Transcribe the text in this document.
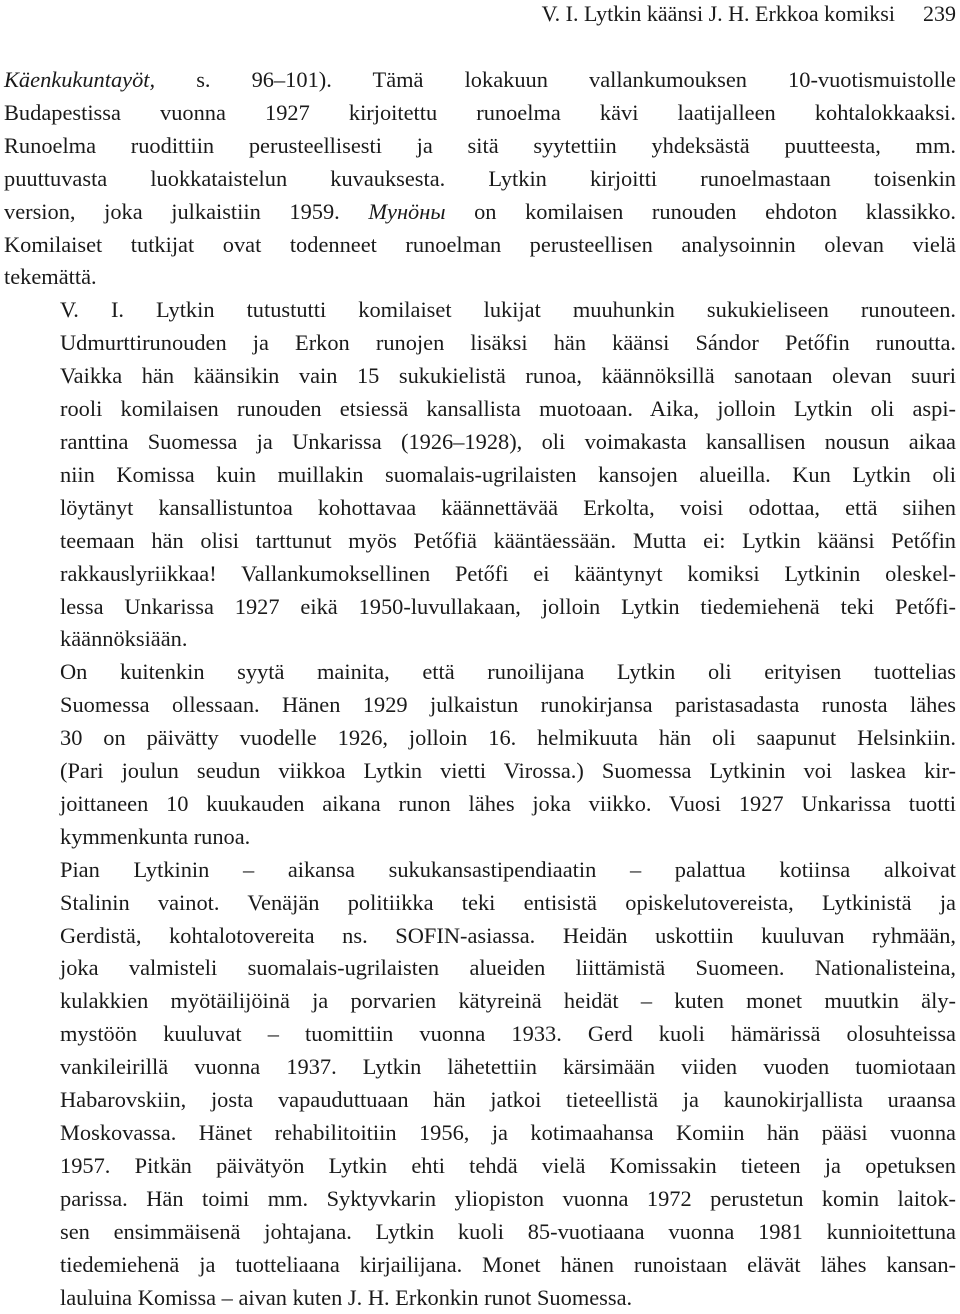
V. I. Lytkin käänsi J. H. Erkkoa komiksi 239

Käenkukuntayöt, s. 96–101). Tämä lokakuun vallankumouksen 10-vuotismuistolle
Budapestissa vuonna 1927 kirjoitettu runoelma kävi laatijalleen kohtalokkaaksi.
Runoelma ruodittiin perusteellisesti ja sitä syytettiin yhdeksästä puutteesta, mm.
puuttuvasta luokkataistelun kuvauksesta. Lytkin kirjoitti runoelmastaan toisenkin
version, joka julkaistiin 1959. Мунӧны on komilaisen runouden ehdoton klassikko.
Komilaiset tutkijat ovat todenneet runoelman perusteellisen analysoinnin olevan vielä
tekemättä.

V. I. Lytkin tutustutti komilaiset lukijat muuhunkin sukukieliseen runouteen.
Udmurttirunouden ja Erkon runojen lisäksi hän käänsi Sándor Petőfin runoutta.
Vaikka hän käänsikin vain 15 sukukielistä runoa, käännöksillä sanotaan olevan suuri
rooli komilaisen runouden etsiessä kansallista muotoaan. Aika, jolloin Lytkin oli aspi-
ranttina Suomessa ja Unkarissa (1926–1928), oli voimakasta kansallisen nousun aikaa
niin Komissa kuin muillakin suomalais-ugrilaisten kansojen alueilla. Kun Lytkin oli
löytänyt kansallistuntoa kohottavaa käännettävää Erkolta, voisi odottaa, että siihen
teemaan hän olisi tarttunut myös Petőfiä kääntäessään. Mutta ei: Lytkin käänsi Petőfin
rakkauslyriikkaa! Vallankumoksellinen Petőfi ei kääntynyt komiksi Lytkinin oleskel-
lessa Unkarissa 1927 eikä 1950-luvullakaan, jolloin Lytkin tiedemiehenä teki Petőfi-
käännöksiään.

On kuitenkin syytä mainita, että runoilijana Lytkin oli erityisen tuottelias
Suomessa ollessaan. Hänen 1929 julkaistun runokirjansa paristasadasta runosta lähes
30 on päivätty vuodelle 1926, jolloin 16. helmikuuta hän oli saapunut Helsinkiin.
(Pari joulun seudun viikkoa Lytkin vietti Virossa.) Suomessa Lytkinin voi laskea kir-
joittaneen 10 kuukauden aikana runon lähes joka viikko. Vuosi 1927 Unkarissa tuotti
kymmenkunta runoa.

Pian Lytkinin – aikansa sukukansastipendiaatin – palattua kotiinsa alkoivat
Stalinin vainot. Venäjän politiikka teki entisistä opiskelutovereista, Lytkinistä ja
Gerdistä, kohtalotovereita ns. SOFIN-asiassa. Heidän uskottiin kuuluvan ryhmään,
joka valmisteli suomalais-ugrilaisten alueiden liittämistä Suomeen. Nationalisteina,
kulakkien myötäilijöinä ja porvarien kätyreinä heidät – kuten monet muutkin äly-
mystöön kuuluvat – tuomittiin vuonna 1933. Gerd kuoli hämärissä olosuhteissa
vankileirillä vuonna 1937. Lytkin lähetettiin kärsimään viiden vuoden tuomiotaan
Habarovskiin, josta vapauduttuaan hän jatkoi tieteellistä ja kaunokirjallista uraansa
Moskovassa. Hänet rehabilitoitiin 1956, ja kotimaahansa Komiin hän pääsi vuonna
1957. Pitkän päivätyön Lytkin ehti tehdä vielä Komissakin tieteen ja opetuksen
parissa. Hän toimi mm. Syktyvkarin yliopiston vuonna 1972 perustetun komin laitok-
sen ensimmäisenä johtajana. Lytkin kuoli 85-vuotiaana vuonna 1981 kunnioitettuna
tiedemiehenä ja tuotteliaana kirjailijana. Monet hänen runoistaan elävät lähes kansan-
lauluina Komissa – aivan kuten J. H. Erkonkin runot Suomessa.
